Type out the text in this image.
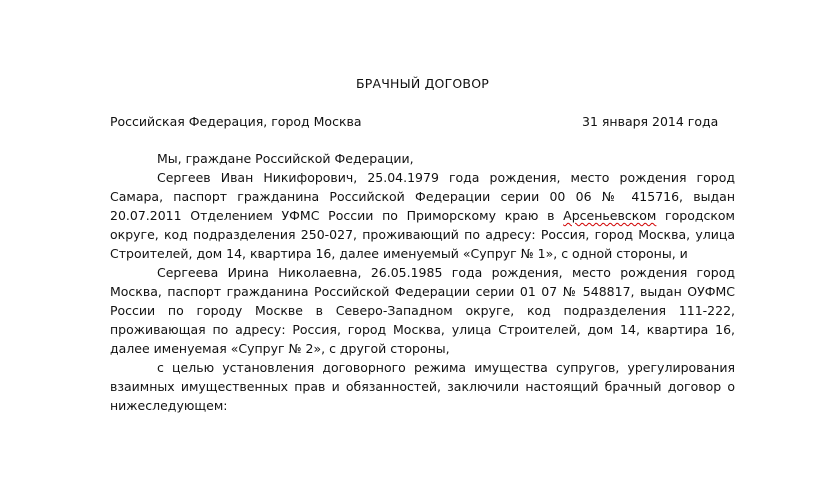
БРАЧНЫЙ ДОГОВОР
Российская Федерация, город Москва	31 января 2014 года

Мы, граждане Российской Федерации,

Сергеев Иван Никифорович, 25.04.1979 года рождения, место рождения город Самара, паспорт гражданина Российской Федерации серии 00 06 № 415716, выдан 20.07.2011 Отделением УФМС России по Приморскому краю в Арсеньевском городском округе, код подразделения 250-027, проживающий по адресу: Россия, город Москва, улица Строителей, дом 14, квартира 16, далее именуемый «Супруг № 1», с одной стороны, и

Сергеева Ирина Николаевна, 26.05.1985 года рождения, место рождения город Москва, паспорт гражданина Российской Федерации серии 01 07 № 548817, выдан ОУФМС России по городу Москве в Северо-Западном округе, код подразделения 111-222, проживающая по адресу: Россия, город Москва, улица Строителей, дом 14, квартира 16, далее именуемая «Супруг № 2», с другой стороны,

с целью установления договорного режима имущества супругов, урегулирования взаимных имущественных прав и обязанностей, заключили настоящий брачный договор о нижеследующем:
